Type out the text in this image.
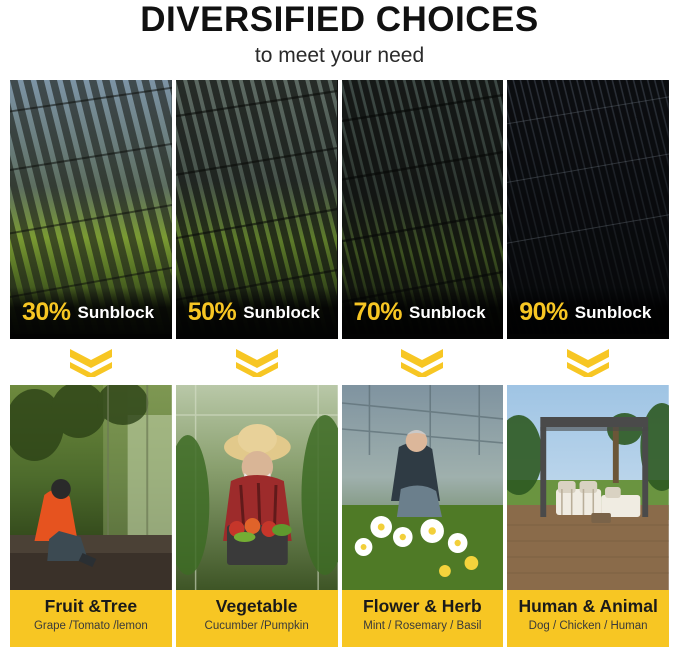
DIVERSIFIED CHOICES

to meet your need

30% Sunblock 50% Sunblock 70% Sunblock 90% Sunblock
Fruit &Tree
Grape /Tomato /lemon
Vegetable
Cucumber /Pumpkin
Flower & Herb
Mint / Rosemary / Basil
Human & Animal
Dog / Chicken / Human
